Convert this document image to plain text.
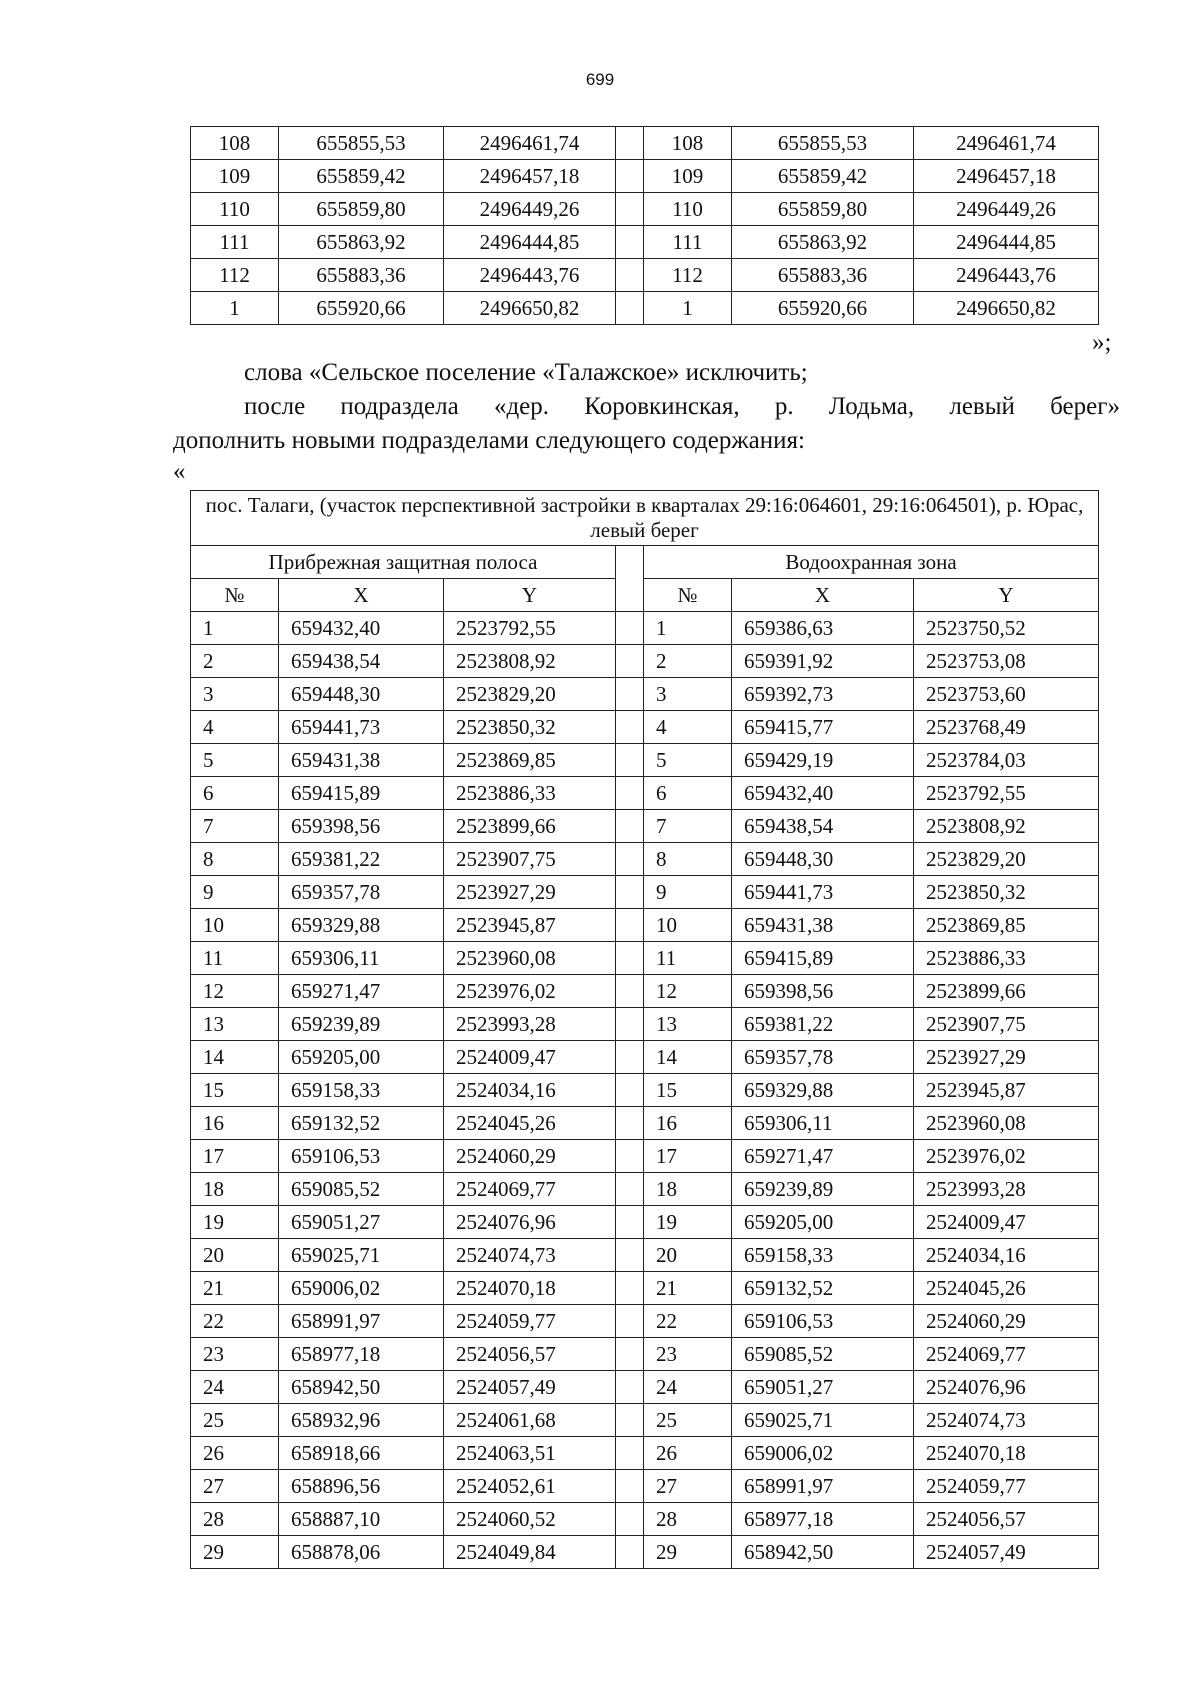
699
108	655855,53	2496461,74		108	655855,53	2496461,74
109	655859,42	2496457,18		109	655859,42	2496457,18
110	655859,80	2496449,26		110	655859,80	2496449,26
111	655863,92	2496444,85		111	655863,92	2496444,85
112	655883,36	2496443,76		112	655883,36	2496443,76
1	655920,66	2496650,82		1	655920,66	2496650,82
»;
слова «Сельское поселение «Талажское» исключить;
после подраздела «дер. Коровкинская, р. Лодьма, левый берег»
дополнить новыми подразделами следующего содержания:
«
пос. Талаги, (участок перспективной застройки в кварталах 29:16:064601, 29:16:064501), р. Юрас, левый берег						
Прибрежная защитная полоса				Водоохранная зона		
№	X	Y		№	X	Y
1	659432,40	2523792,55		1	659386,63	2523750,52
2	659438,54	2523808,92		2	659391,92	2523753,08
3	659448,30	2523829,20		3	659392,73	2523753,60
4	659441,73	2523850,32		4	659415,77	2523768,49
5	659431,38	2523869,85		5	659429,19	2523784,03
6	659415,89	2523886,33		6	659432,40	2523792,55
7	659398,56	2523899,66		7	659438,54	2523808,92
8	659381,22	2523907,75		8	659448,30	2523829,20
9	659357,78	2523927,29		9	659441,73	2523850,32
10	659329,88	2523945,87		10	659431,38	2523869,85
11	659306,11	2523960,08		11	659415,89	2523886,33
12	659271,47	2523976,02		12	659398,56	2523899,66
13	659239,89	2523993,28		13	659381,22	2523907,75
14	659205,00	2524009,47		14	659357,78	2523927,29
15	659158,33	2524034,16		15	659329,88	2523945,87
16	659132,52	2524045,26		16	659306,11	2523960,08
17	659106,53	2524060,29		17	659271,47	2523976,02
18	659085,52	2524069,77		18	659239,89	2523993,28
19	659051,27	2524076,96		19	659205,00	2524009,47
20	659025,71	2524074,73		20	659158,33	2524034,16
21	659006,02	2524070,18		21	659132,52	2524045,26
22	658991,97	2524059,77		22	659106,53	2524060,29
23	658977,18	2524056,57		23	659085,52	2524069,77
24	658942,50	2524057,49		24	659051,27	2524076,96
25	658932,96	2524061,68		25	659025,71	2524074,73
26	658918,66	2524063,51		26	659006,02	2524070,18
27	658896,56	2524052,61		27	658991,97	2524059,77
28	658887,10	2524060,52		28	658977,18	2524056,57
29	658878,06	2524049,84		29	658942,50	2524057,49
